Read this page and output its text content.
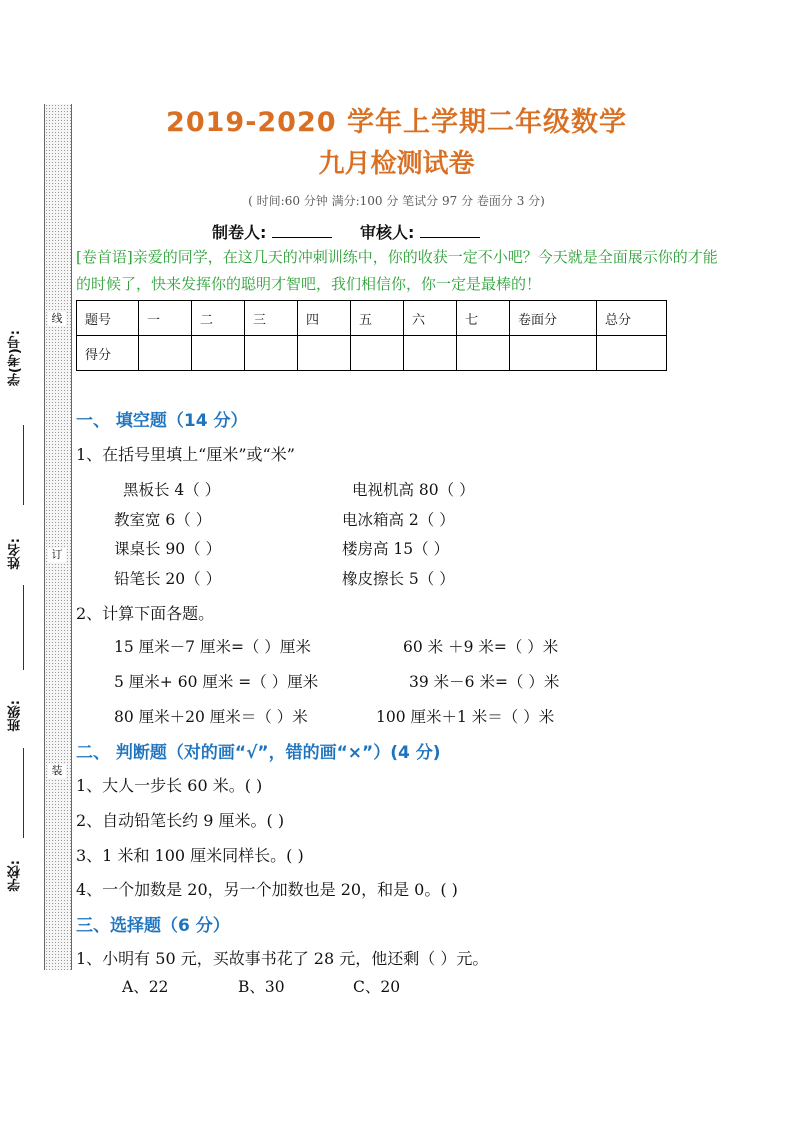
线
订
装
学(考)号:
姓名:
班级:
学校:
2019-2020 学年上学期二年级数学
九月检测试卷
( 时间:60 分钟 满分:100 分 笔试分 97 分 卷面分 3 分)
制卷人:	审核人:
[卷首语]亲爱的同学，在这几天的冲刺训练中，你的收获一定不小吧？今天就是全面展示你的才能的时候了，快来发挥你的聪明才智吧，我们相信你，你一定是最棒的！
题号	一	二	三	四	五	六	七	卷面分	总分
得分									
一、 填空题（14 分）
1、在括号里填上“厘米”或“米”
黑板长 4（ ）	电视机高 80（ ）
教室宽 6（ ）	电冰箱高 2（ ）
课桌长 90（ ）	楼房高 15（ ）
铅笔长 20（ ）	橡皮擦长 5（ ）
2、计算下面各题。
15 厘米－7 厘米=（ ）厘米	60 米 ＋9 米=（ ）米
5 厘米+ 60 厘米 =（ ）厘米	39 米－6 米=（ ）米
80 厘米＋20 厘米＝（ ）米	100 厘米＋1 米＝（ ）米
二、 判断题（对的画“√”，错的画“×”）(4 分)
1、大人一步长 60 米。( )
2、自动铅笔长约 9 厘米。( )
3、1 米和 100 厘米同样长。( )
4、一个加数是 20，另一个加数也是 20，和是 0。( )
三、选择题（6 分）
1、小明有 50 元，买故事书花了 28 元，他还剩（ ）元。
A、22	B、30	C、20
